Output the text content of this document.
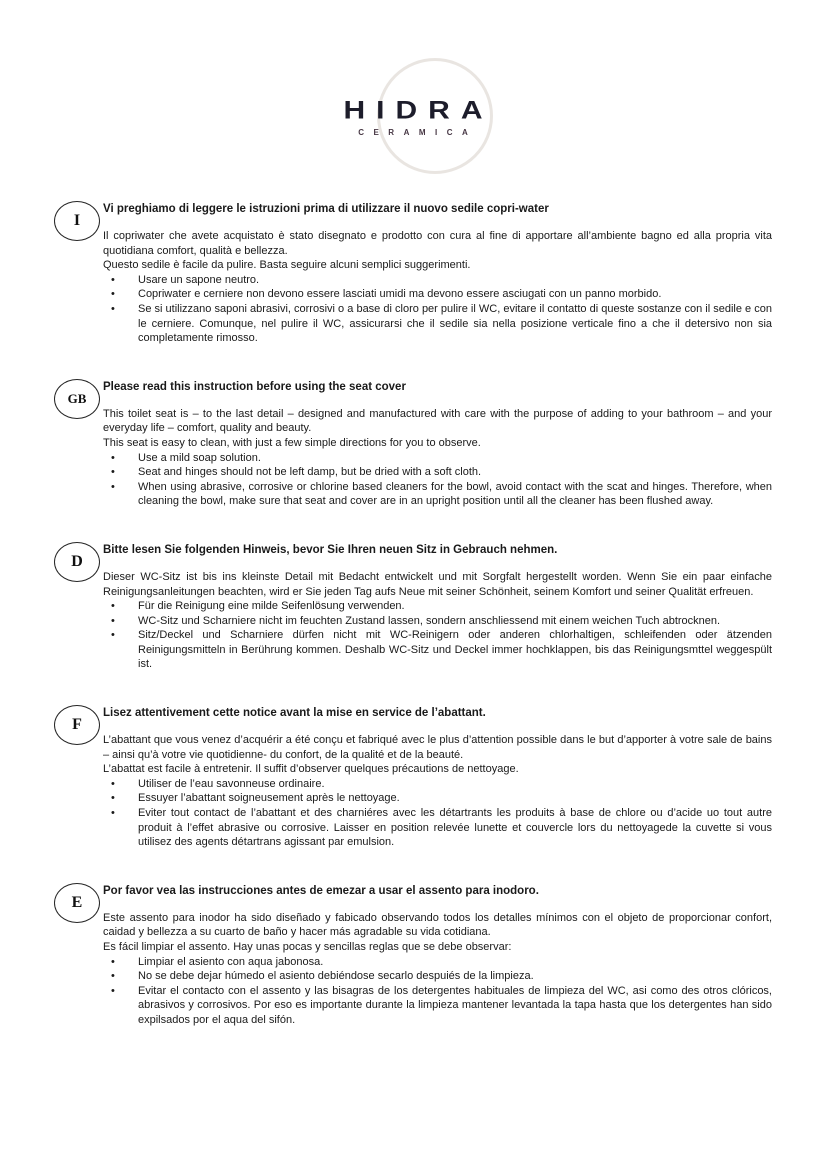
HIDRA
CERAMICA
I

Vi preghiamo di leggere le istruzioni prima di utilizzare il nuovo sedile copri-water

Il copriwater che avete acquistato è stato disegnato e prodotto con cura al fine di apportare all’ambiente bagno ed alla propria vita quotidiana comfort, qualità e bellezza.

Questo sedile è facile da pulire. Basta seguire alcuni semplici suggerimenti.

• Usare un sapone neutro.
• Copriwater e cerniere non devono essere lasciati umidi ma devono essere asciugati con un panno morbido.
• Se si utilizzano saponi abrasivi, corrosivi o a base di cloro per pulire il WC, evitare il contatto di queste sostanze con il sedile e con le cerniere. Comunque, nel pulire il WC, assicurarsi che il sedile sia nella posizione verticale fino a che il detersivo non sia completamente rimosso.
GB

Please read this instruction before using the seat cover

This toilet seat is – to the last detail – designed and manufactured with care with the purpose of adding to your bathroom – and your everyday life – comfort, quality and beauty.

This seat is easy to clean, with just a few simple directions for you to observe.

• Use a mild soap solution.
• Seat and hinges should not be left damp, but be dried with a soft cloth.
• When using abrasive, corrosive or chlorine based cleaners for the bowl, avoid contact with the scat and hinges. Therefore, when cleaning the bowl, make sure that seat and cover are in an upright position until all the cleaner has been flushed away.
D

Bitte lesen Sie folgenden Hinweis, bevor Sie Ihren neuen Sitz in Gebrauch nehmen.

Dieser WC-Sitz ist bis ins kleinste Detail mit Bedacht entwickelt und mit Sorgfalt hergestellt worden. Wenn Sie ein paar einfache Reinigungsanleitungen beachten, wird er Sie jeden Tag aufs Neue mit seiner Schönheit, seinem Komfort und seiner Qualität erfreuen.

• Für die Reinigung eine milde Seifenlösung verwenden.
• WC-Sitz und Scharniere nicht im feuchten Zustand lassen, sondern anschliessend mit einem weichen Tuch abtrocknen.
• Sitz/Deckel und Scharniere dürfen nicht mit WC-Reinigern oder anderen chlorhaltigen, schleifenden oder ätzenden Reinigungsmitteln in Berührung kommen. Deshalb WC-Sitz und Deckel immer hochklappen, bis das Reinigungsmttel weggespült ist.
F

Lisez attentivement cette notice avant la mise en service de l’abattant.

L’abattant que vous venez d’acquérir a été conçu et fabriqué avec le plus d’attention possible dans le but d’apporter à votre sale de bains – ainsi qu’à votre vie quotidienne- du confort, de la qualité et de la beauté.

L’abattat est facile à entretenir. Il suffit d’observer quelques précautions de nettoyage.

• Utiliser de l’eau savonneuse ordinaire.
• Essuyer l’abattant soigneusement après le nettoyage.
• Eviter tout contact de l’abattant et des charniéres avec les détartrants les produits à base de chlore ou d’acide uo tout autre produit à l’effet abrasive ou corrosive. Laisser en position relevée lunette et couvercle lors du nettoyagede la cuvette si vous utilisez des agents détartrans agissant par emulsion.
E

Por favor vea las instrucciones antes de emezar a usar el assento para inodoro.

Este assento para inodor ha sido diseñado y fabicado observando todos los detalles mínimos con el objeto de proporcionar confort, caidad y bellezza a su cuarto de baño y hacer más agradable su vida cotidiana.

Es fácil limpiar el assento. Hay unas pocas y sencillas reglas que se debe observar:

• Limpiar el asiento con aqua jabonosa.
• No se debe dejar húmedo el asiento debiéndose secarlo despuiés de la limpieza.
• Evitar el contacto con el assento y las bisagras de los detergentes habituales de limpieza del WC, asi como des otros clóricos, abrasivos y corrosivos. Por eso es importante durante la limpieza mantener levantada la tapa hasta que los detergentes han sido expilsados por el aqua del sifón.
